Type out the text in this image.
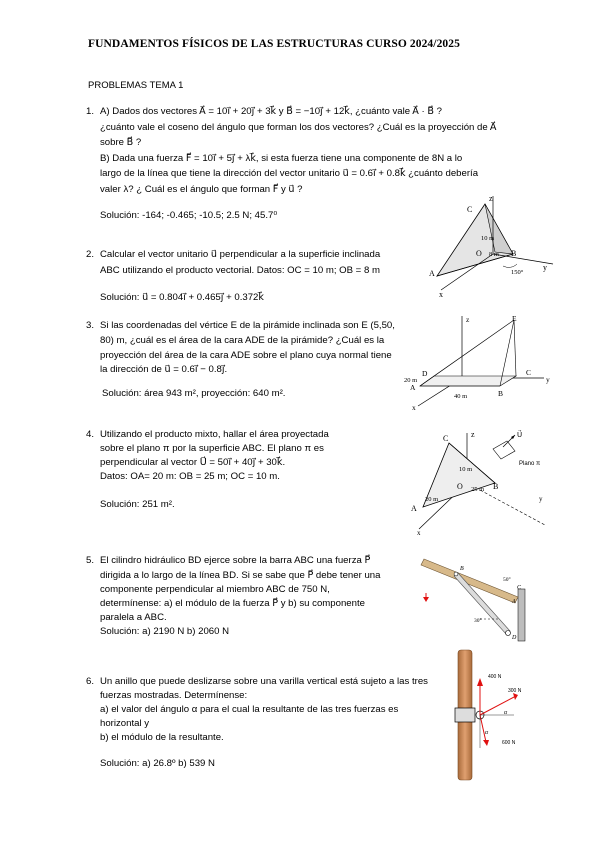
FUNDAMENTOS FÍSICOS DE LAS ESTRUCTURAS CURSO 2024/2025
PROBLEMAS TEMA 1
1. A) Dados dos vectores A⃗ = 10i⃗ + 20j⃗ + 3k⃗ y B⃗ = −10j⃗ + 12k⃗, ¿cuánto vale A⃗ · B⃗ ?
¿cuánto vale el coseno del ángulo que forman los dos vectores? ¿Cuál es la proyección de A⃗
sobre B⃗ ?
B) Dada una fuerza F⃗ = 10i⃗ + 5j⃗ + λk⃗, si esta fuerza tiene una componente de 8N a lo
largo de la línea que tiene la dirección del vector unitario u⃗ = 0.6i⃗ + 0.8k⃗ ¿cuánto debería
valer λ? ¿ Cuál es el ángulo que forman F⃗ y u⃗ ?
Solución: -164; -0.465; -10.5; 2.5 N; 45.7⁰
C
z
10 m
O 8 m B
A	150°
y
x
2. Calcular el vector unitario u⃗ perpendicular a la superficie inclinada
ABC utilizando el producto vectorial. Datos: OC = 10 m; OB = 8 m
Solución: u⃗ = 0.804i⃗ + 0.465j⃗ + 0.372k⃗
3. Si las coordenadas del vértice E de la pirámide inclinada son E (5,50,
80) m, ¿cuál es el área de la cara ADE de la pirámide? ¿Cuál es la
proyección del área de la cara ADE sobre el plano cuya normal tiene
la dirección de u⃗ = 0.6i⃗ − 0.8j⃗.
Solución: área 943 m², proyección: 640 m².
z	E
20 m
D	C
y
A
40 m	B
x
4. Utilizando el producto mixto, hallar el área proyectada
sobre el plano π por la superficie ABC. El plano π es
perpendicular al vector U⃗ = 50i⃗ + 40j⃗ + 30k⃗.
Datos: OA= 20 m: OB = 25 m; OC = 10 m.
Solución: 251 m².
C	z	U⃗
Plano π
10 m
O 25 m B
20 m
A
x
y
5. El cilindro hidráulico BD ejerce sobre la barra ABC una fuerza P⃗
dirigida a lo largo de la línea BD. Si se sabe que P⃗ debe tener una
componente perpendicular al miembro ABC de 750 N,
determínense: a) el módulo de la fuerza P⃗ y b) su componente
paralela a ABC.
Solución: a) 2190 N b) 2060 N
B
50°
C
A
30°
D
6. Un anillo que puede deslizarse sobre una varilla vertical está sujeto a las tres
fuerzas mostradas. Determínense:
a) el valor del ángulo α para el cual la resultante de las tres fuerzas es
horizontal y
b) el módulo de la resultante.
Solución: a) 26.8º b) 539 N
400 N
300 N
α
α
600 N
